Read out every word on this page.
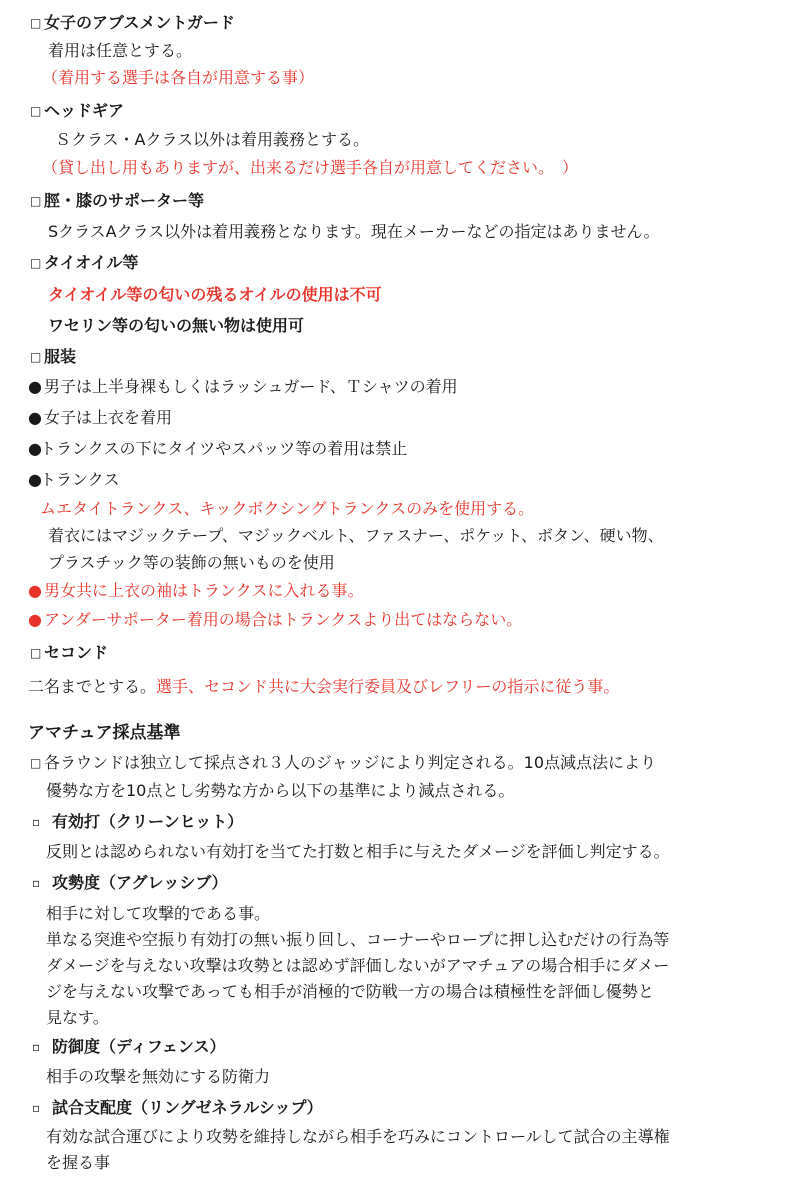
□ 女子のアブスメントガード
着用は任意とする。
（着用する選手は各自が用意する事）
□ ヘッドギア
Ｓクラス・Aクラス以外は着用義務とする。
（貸し出し用もありますが、出来るだけ選手各自が用意してください。　）
□ 脛・膝のサポーター等
SクラスAクラス以外は着用義務となります。現在メーカーなどの指定はありません。
□ タイオイル等
タイオイル等の匂いの残るオイルの使用は不可
ワセリン等の匂いの無い物は使用可
□ 服装
● 男子は上半身裸もしくはラッシュガード、Ｔシャツの着用
● 女子は上衣を着用
●トランクスの下にタイツやスパッツ等の着用は禁止
●トランクス
ムエタイトランクス、キックボクシングトランクスのみを使用する。
着衣にはマジックテープ、マジックベルト、ファスナー、ポケット、ボタン、硬い物、
プラスチック等の装飾の無いものを使用
● 男女共に上衣の袖はトランクスに入れる事。
● アンダーサポーター着用の場合はトランクスより出てはならない。
□ セコンド
二名までとする。選手、セコンド共に大会実行委員及びレフリーの指示に従う事。
アマチュア採点基準
□ 各ラウンドは独立して採点され３人のジャッジにより判定される。10点減点法により
優勢な方を10点とし劣勢な方から以下の基準により減点される。
▫ 有効打（クリーンヒット）
反則とは認められない有効打を当てた打数と相手に与えたダメージを評価し判定する。
▫ 攻勢度（アグレッシブ）
相手に対して攻撃的である事。
単なる突進や空振り有効打の無い振り回し、コーナーやロープに押し込むだけの行為等
ダメージを与えない攻撃は攻勢とは認めず評価しないがアマチュアの場合相手にダメー
ジを与えない攻撃であっても相手が消極的で防戦一方の場合は積極性を評価し優勢と
見なす。
▫ 防御度（ディフェンス）
相手の攻撃を無効にする防衛力
▫ 試合支配度（リングゼネラルシップ）
有効な試合運びにより攻勢を維持しながら相手を巧みにコントロールして試合の主導権
を握る事
